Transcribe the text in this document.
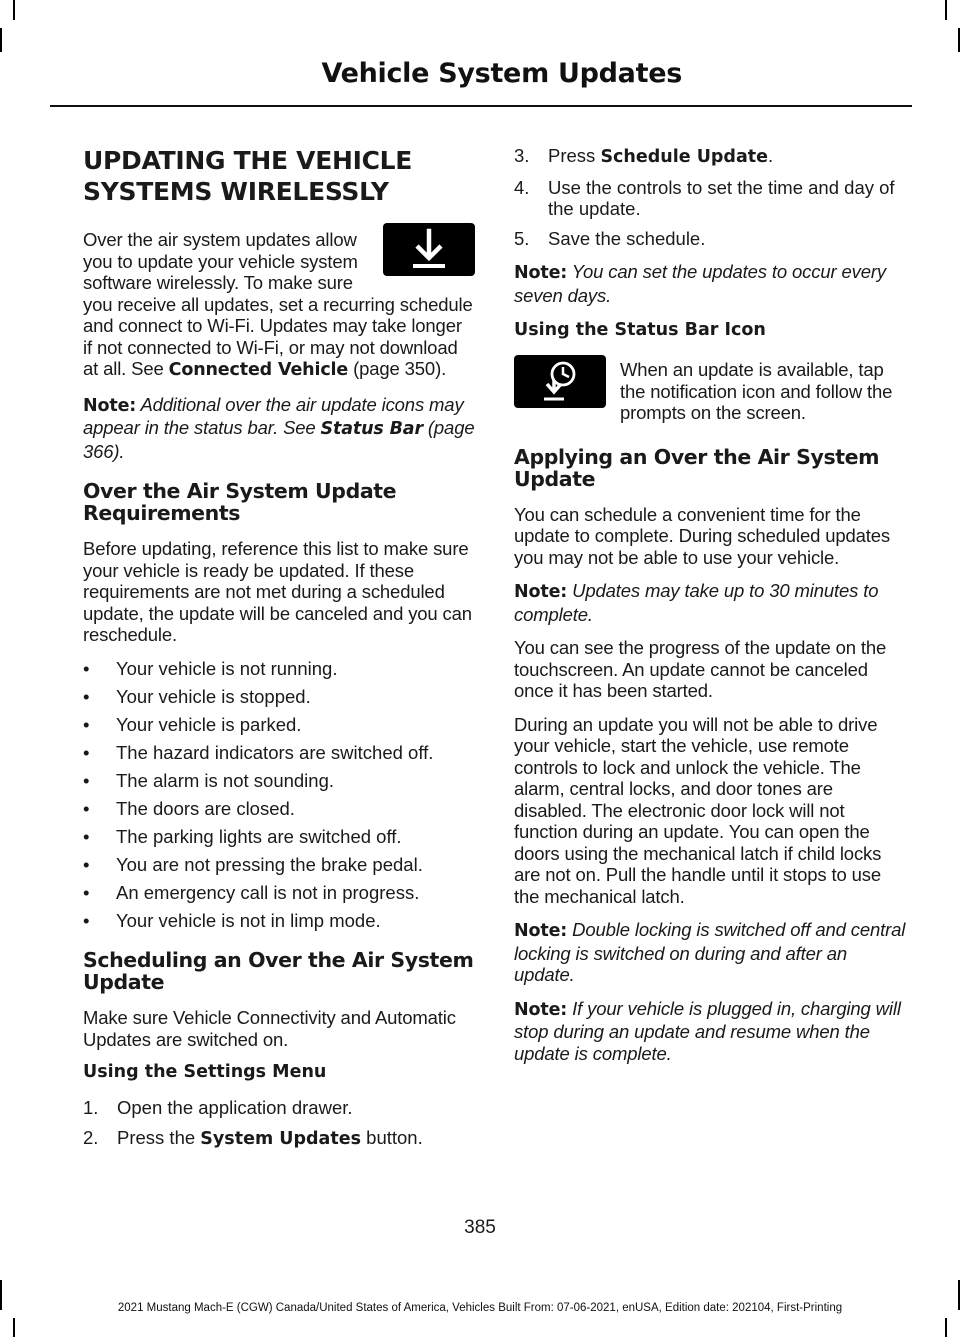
Vehicle System Updates
UPDATING THE VEHICLE SYSTEMS WIRELESSLY

Over the air system updates allow you to update your vehicle system software wirelessly. To make sure you receive all updates, set a recurring schedule and connect to Wi-Fi. Updates may take longer if not connected to Wi-Fi, or may not download at all. See Connected Vehicle (page 350).

Note: Additional over the air update icons may appear in the status bar. See Status Bar (page 366).

Over the Air System Update Requirements

Before updating, reference this list to make sure your vehicle is ready be updated. If these requirements are not met during a scheduled update, the update will be canceled and you can reschedule.

• Your vehicle is not running.
• Your vehicle is stopped.
• Your vehicle is parked.
• The hazard indicators are switched off.
• The alarm is not sounding.
• The doors are closed.
• The parking lights are switched off.
• You are not pressing the brake pedal.
• An emergency call is not in progress.
• Your vehicle is not in limp mode.
Scheduling an Over the Air System Update

Make sure Vehicle Connectivity and Automatic Updates are switched on.

Using the Settings Menu
1. Open the application drawer.
2. Press the System Updates button.
3. Press Schedule Update.
4. Use the controls to set the time and day of the update.
5. Save the schedule.

Note: You can set the updates to occur every seven days.

Using the Status Bar Icon

When an update is available, tap the notification icon and follow the prompts on the screen.

Applying an Over the Air System Update

You can schedule a convenient time for the update to complete. During scheduled updates you may not be able to use your vehicle.

Note: Updates may take up to 30 minutes to complete.

You can see the progress of the update on the touchscreen. An update cannot be canceled once it has been started.

During an update you will not be able to drive your vehicle, start the vehicle, use remote controls to lock and unlock the vehicle. The alarm, central locks, and door tones are disabled. The electronic door lock will not function during an update. You can open the doors using the mechanical latch if child locks are not on. Pull the handle until it stops to use the mechanical latch.

Note: Double locking is switched off and central locking is switched on during and after an update.

Note: If your vehicle is plugged in, charging will stop during an update and resume when the update is complete.

385
2021 Mustang Mach-E (CGW) Canada/United States of America, Vehicles Built From: 07-06-2021, enUSA, Edition date: 202104, First-Printing
